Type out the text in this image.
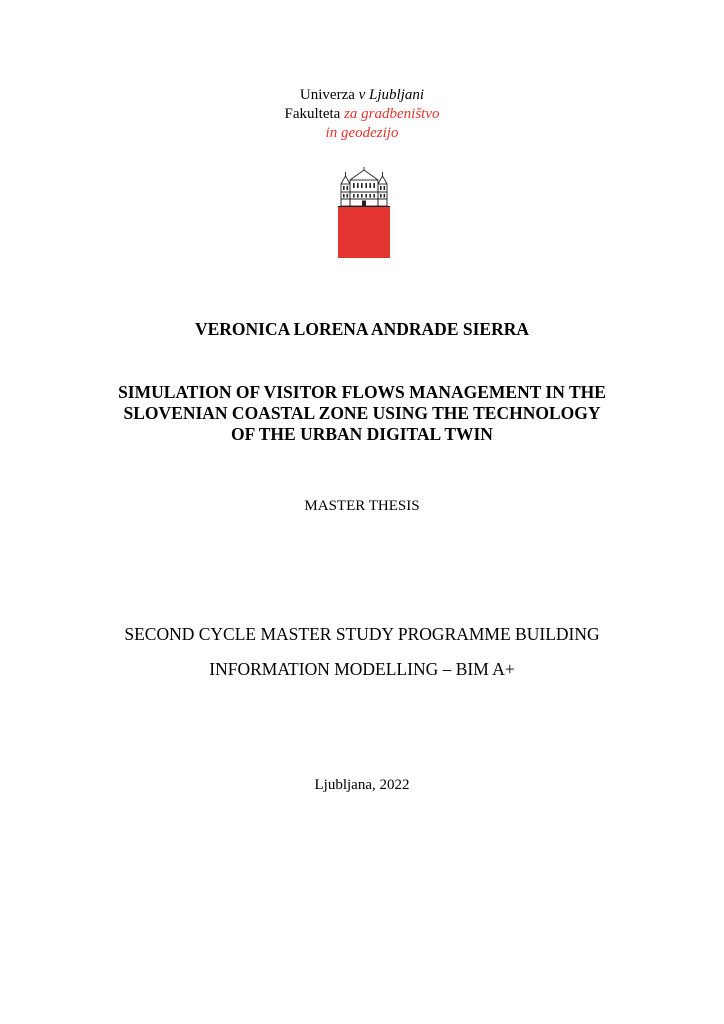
Univerza v Ljubljani
Fakulteta za gradbeništvo
in geodezijo
VERONICA LORENA ANDRADE SIERRA
SIMULATION OF VISITOR FLOWS MANAGEMENT IN THE
SLOVENIAN COASTAL ZONE USING THE TECHNOLOGY
OF THE URBAN DIGITAL TWIN
MASTER THESIS
SECOND CYCLE MASTER STUDY PROGRAMME BUILDING
INFORMATION MODELLING – BIM A+
Ljubljana, 2022
